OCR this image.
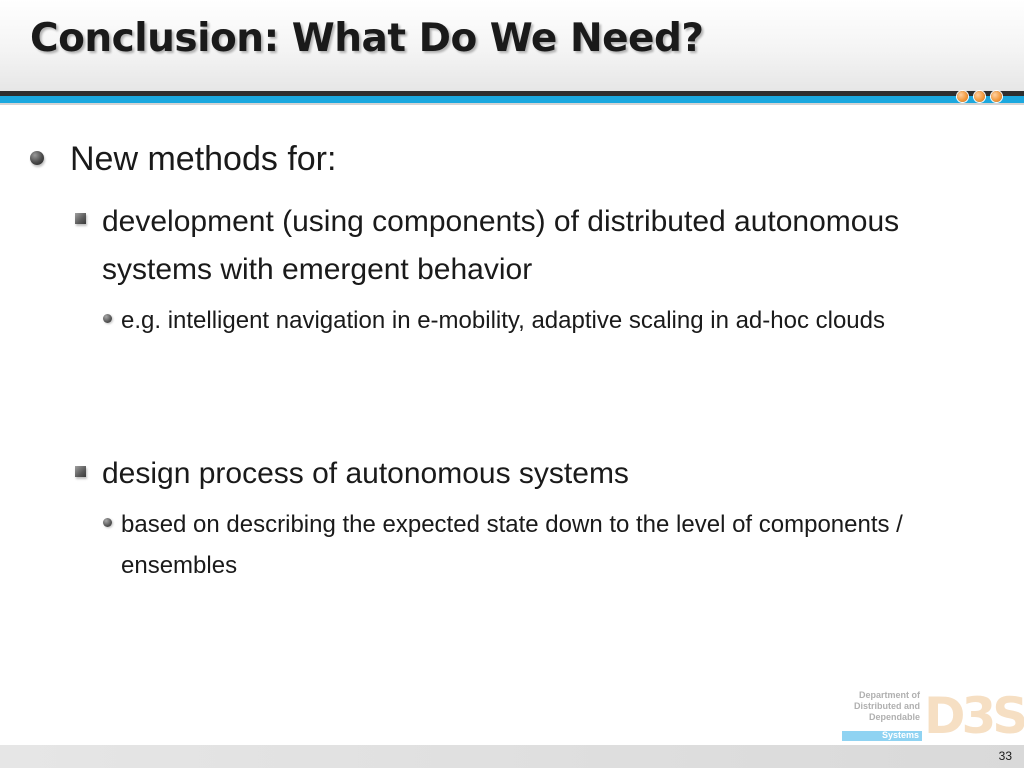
Conclusion: What Do We Need?
New methods for:
development (using components) of distributed autonomous systems with emergent behavior
e.g. intelligent navigation in e-mobility, adaptive scaling in ad-hoc clouds
design process of autonomous systems
based on describing the expected state down to the level of components / ensembles
Department of
Distributed and
Dependable
Systems D3S
33
